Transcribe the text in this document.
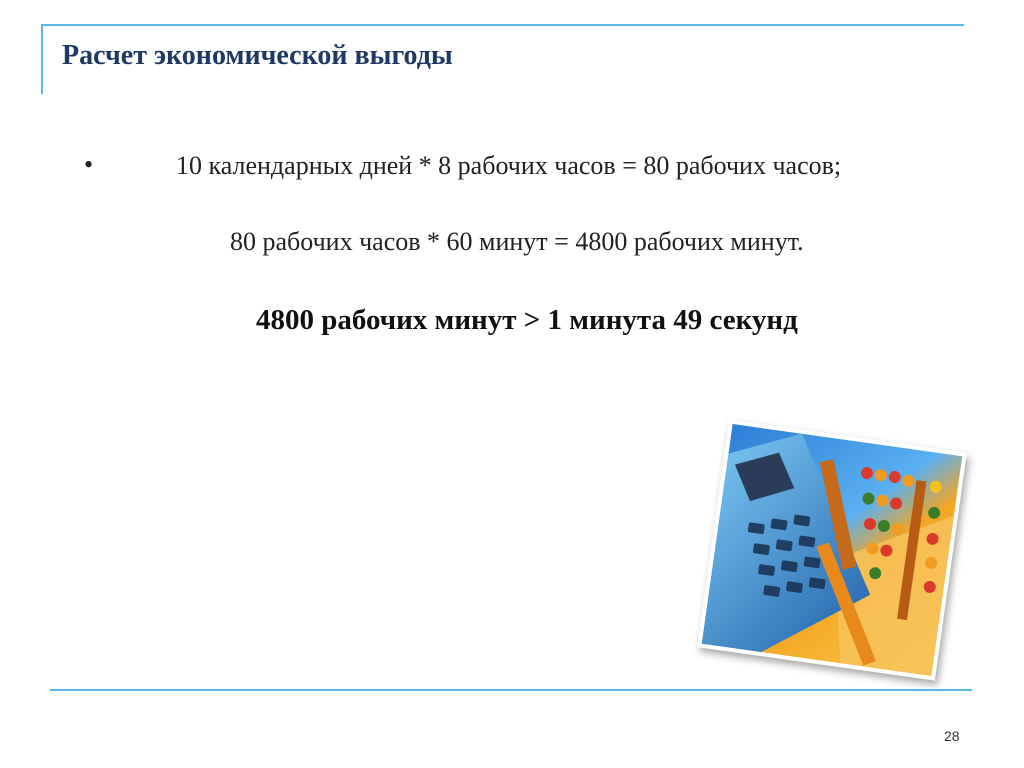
Расчет экономической выгоды
•	10 календарных дней * 8 рабочих часов = 80 рабочих часов;
80 рабочих часов * 60 минут = 4800 рабочих минут.
4800 рабочих минут > 1 минута 49 секунд
28
